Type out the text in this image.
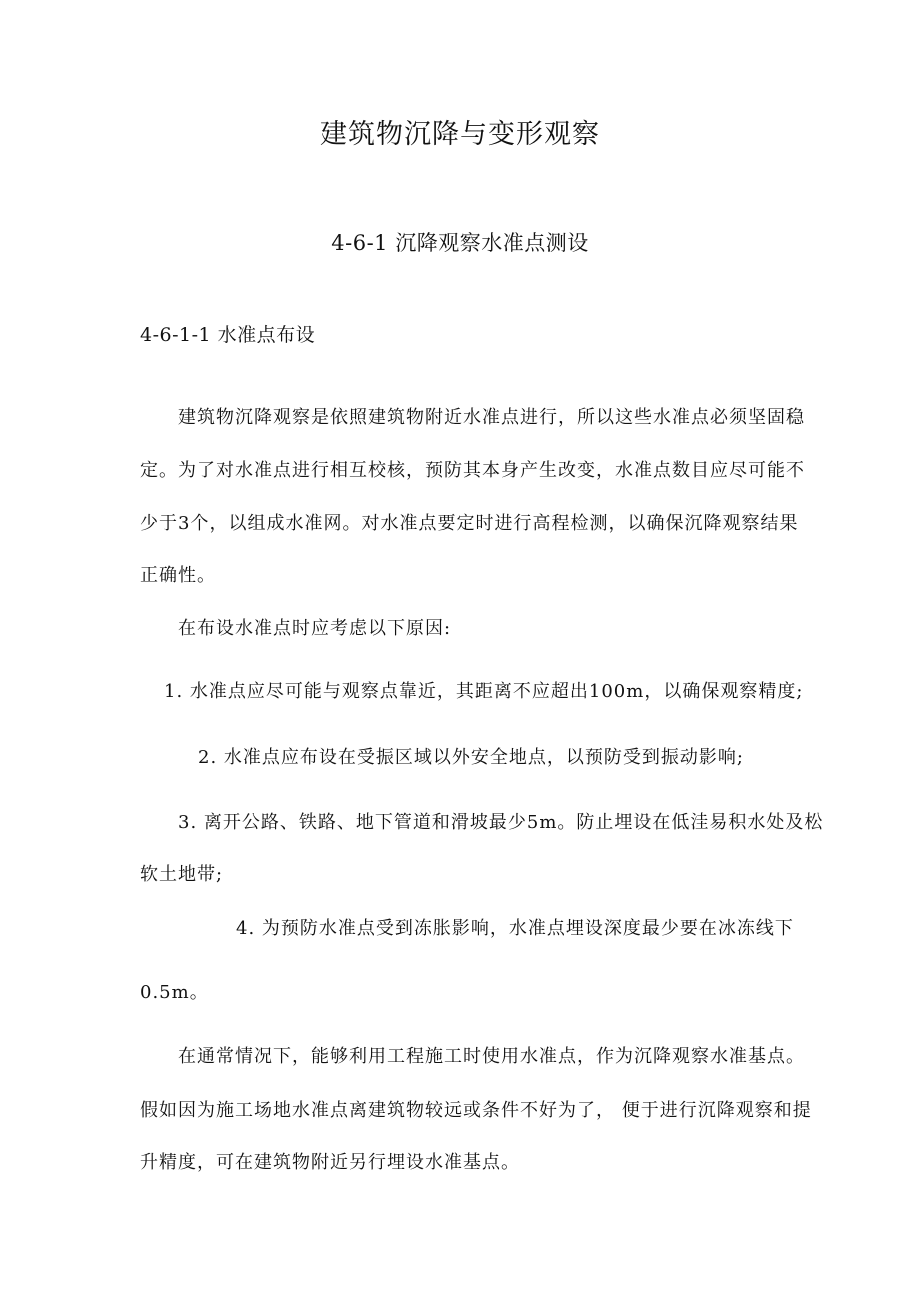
建筑物沉降与变形观察
4-6-1 沉降观察水准点测设
4-6-1-1 水准点布设
建筑物沉降观察是依照建筑物附近水准点进行，所以这些水准点必须坚固稳
定。为了对水准点进行相互校核，预防其本身产生改变，水准点数目应尽可能不
少于3个，以组成水准网。对水准点要定时进行高程检测，以确保沉降观察结果
正确性。
在布设水准点时应考虑以下原因:
1. 水准点应尽可能与观察点靠近，其距离不应超出100m，以确保观察精度;
2. 水准点应布设在受振区域以外安全地点，以预防受到振动影响;
3. 离开公路、铁路、地下管道和滑坡最少5m。防止埋设在低洼易积水处及松
软土地带;
4. 为预防水准点受到冻胀影响，水准点埋设深度最少要在冰冻线下
0.5m。
在通常情况下，能够利用工程施工时使用水准点，作为沉降观察水准基点。
假如因为施工场地水准点离建筑物较远或条件不好为了， 便于进行沉降观察和提
升精度，可在建筑物附近另行埋设水准基点。
